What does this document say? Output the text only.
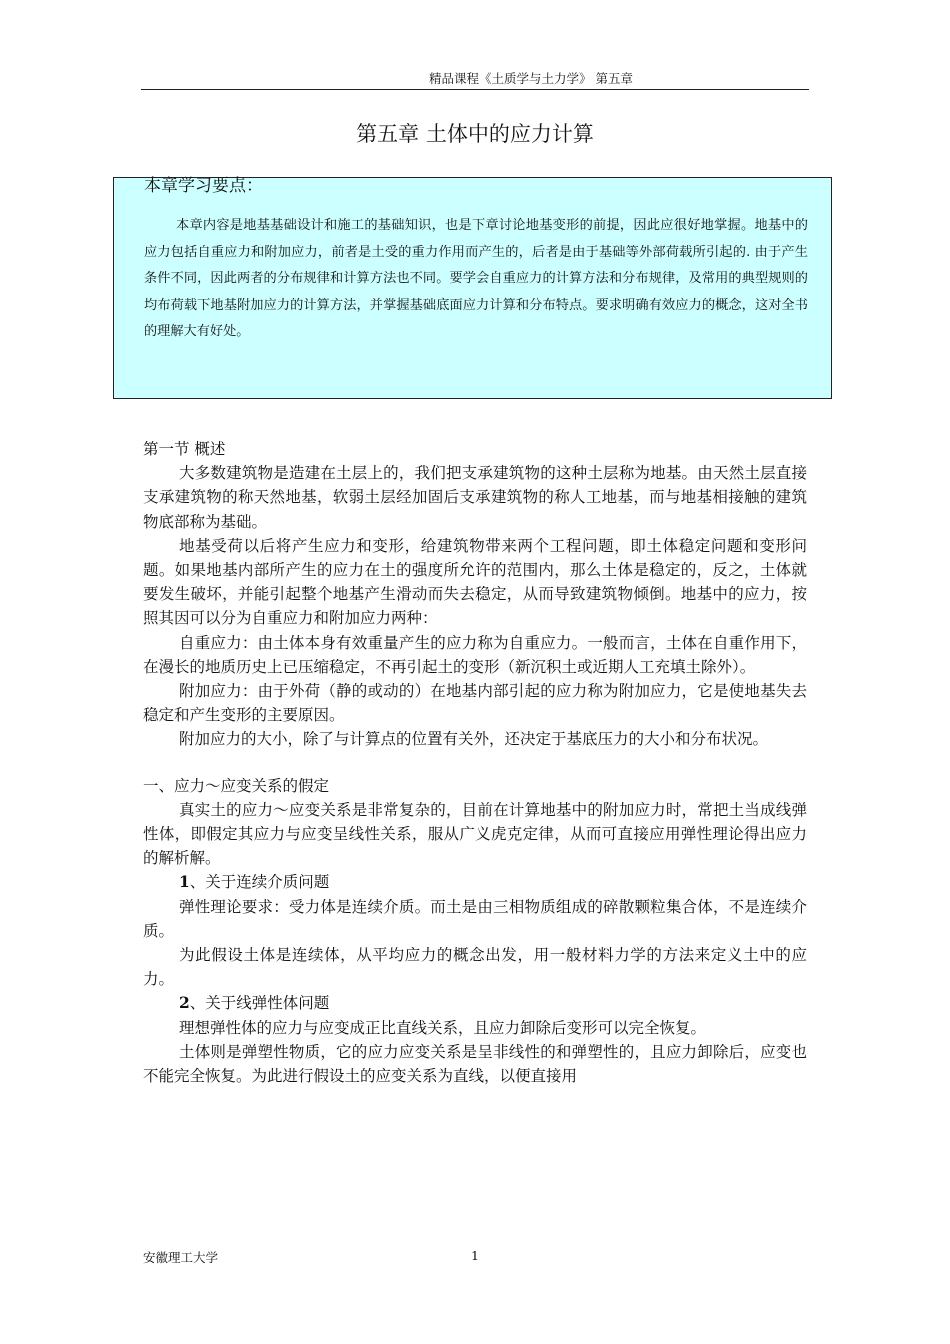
精品课程《土质学与土力学》 第五章
第五章 土体中的应力计算
本章学习要点：

本章内容是地基基础设计和施工的基础知识，也是下章讨论地基变形的前提，因此应很好地掌握。地基中的应力包括自重应力和附加应力，前者是土受的重力作用而产生的，后者是由于基础等外部荷载所引起的. 由于产生条件不同，因此两者的分布规律和计算方法也不同。要学会自重应力的计算方法和分布规律，及常用的典型规则的均布荷载下地基附加应力的计算方法，并掌握基础底面应力计算和分布特点。要求明确有效应力的概念，这对全书的理解大有好处。

第一节 概述

大多数建筑物是造建在土层上的，我们把支承建筑物的这种土层称为地基。由天然土层直接支承建筑物的称天然地基，软弱土层经加固后支承建筑物的称人工地基，而与地基相接触的建筑物底部称为基础。

地基受荷以后将产生应力和变形，给建筑物带来两个工程问题，即土体稳定问题和变形问题。如果地基内部所产生的应力在土的强度所允许的范围内，那么土体是稳定的，反之，土体就要发生破坏，并能引起整个地基产生滑动而失去稳定，从而导致建筑物倾倒。地基中的应力，按照其因可以分为自重应力和附加应力两种：

自重应力：由土体本身有效重量产生的应力称为自重应力。一般而言，土体在自重作用下，在漫长的地质历史上已压缩稳定，不再引起土的变形（新沉积土或近期人工充填土除外）。

附加应力：由于外荷（静的或动的）在地基内部引起的应力称为附加应力，它是使地基失去稳定和产生变形的主要原因。

附加应力的大小，除了与计算点的位置有关外，还决定于基底压力的大小和分布状况。

一、应力～应变关系的假定

真实土的应力～应变关系是非常复杂的，目前在计算地基中的附加应力时，常把土当成线弹性体，即假定其应力与应变呈线性关系，服从广义虎克定律，从而可直接应用弹性理论得出应力的解析解。

1、关于连续介质问题

弹性理论要求：受力体是连续介质。而土是由三相物质组成的碎散颗粒集合体，不是连续介质。

为此假设土体是连续体，从平均应力的概念出发，用一般材料力学的方法来定义土中的应力。

2、关于线弹性体问题

理想弹性体的应力与应变成正比直线关系，且应力卸除后变形可以完全恢复。

土体则是弹塑性物质，它的应力应变关系是呈非线性的和弹塑性的，且应力卸除后，应变也不能完全恢复。为此进行假设土的应变关系为直线，以便直接用

安徽理工大学	1
